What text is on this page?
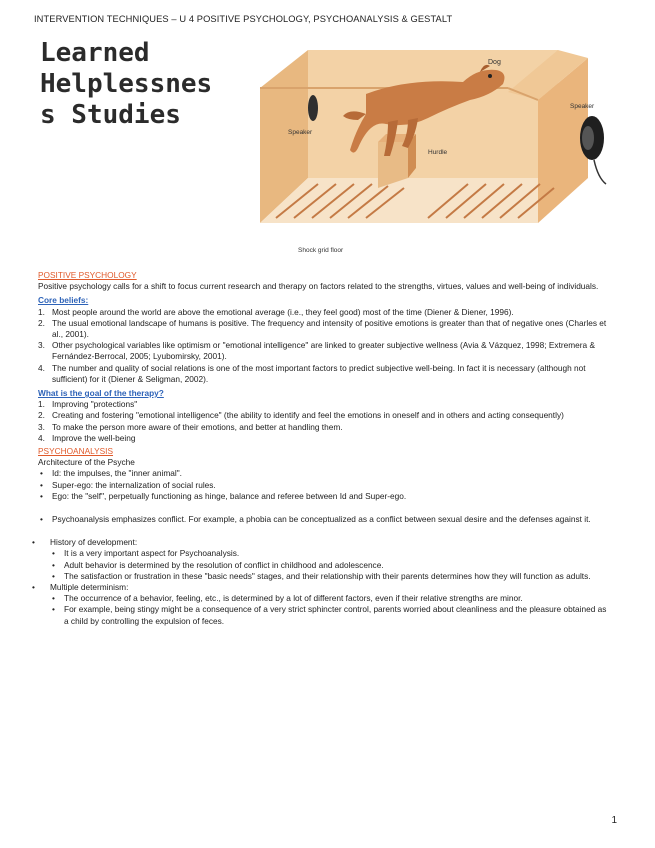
INTERVENTION TECHNIQUES – U 4 POSITIVE PSYCHOLOGY, PSYCHOANALYSIS & GESTALT
Learned
Helplessnes
s Studies
Dog
Speaker
Speaker
Hurdle
Shock grid floor
POSITIVE PSYCHOLOGY

Positive psychology calls for a shift to focus current research and therapy on factors related to the strengths, virtues, values and well-being of individuals.

Core beliefs:
1. Most people around the world are above the emotional average (i.e., they feel good) most of the time (Diener & Diener, 1996).
2. The usual emotional landscape of humans is positive. The frequency and intensity of positive emotions is greater than that of negative ones (Charles et al., 2001).
3. Other psychological variables like optimism or "emotional intelligence" are linked to greater subjective wellness (Avia & Vázquez, 1998; Extremera & Fernández-Berrocal, 2005; Lyubomirsky, 2001).
4. The number and quality of social relations is one of the most important factors to predict subjective well-being. In fact it is necessary (although not sufficient) for it (Diener & Seligman, 2002).
What is the goal of the therapy?
1. Improving "protections"
2. Creating and fostering "emotional intelligence" (the ability to identify and feel the emotions in oneself and in others and acting consequently)
3. To make the person more aware of their emotions, and better at handling them.
4. Improve the well-being
PSYCHOANALYSIS

Architecture of the Psyche

• Id: the impulses, the "inner animal".
• Super-ego: the internalization of social rules.
• Ego: the "self", perpetually functioning as hinge, balance and referee between Id and Super-ego.
• Psychoanalysis emphasizes conflict. For example, a phobia can be conceptualized as a conflict between sexual desire and the defenses against it.
• History of development:
• It is a very important aspect for Psychoanalysis.
• Adult behavior is determined by the resolution of conflict in childhood and adolescence.
• The satisfaction or frustration in these "basic needs" stages, and their relationship with their parents determines how they will function as adults.
• Multiple determinism:
• The occurrence of a behavior, feeling, etc., is determined by a lot of different factors, even if their relative strengths are minor.
• For example, being stingy might be a consequence of a very strict sphincter control, parents worried about cleanliness and the pleasure obtained as a child by controlling the expulsion of feces.
1
